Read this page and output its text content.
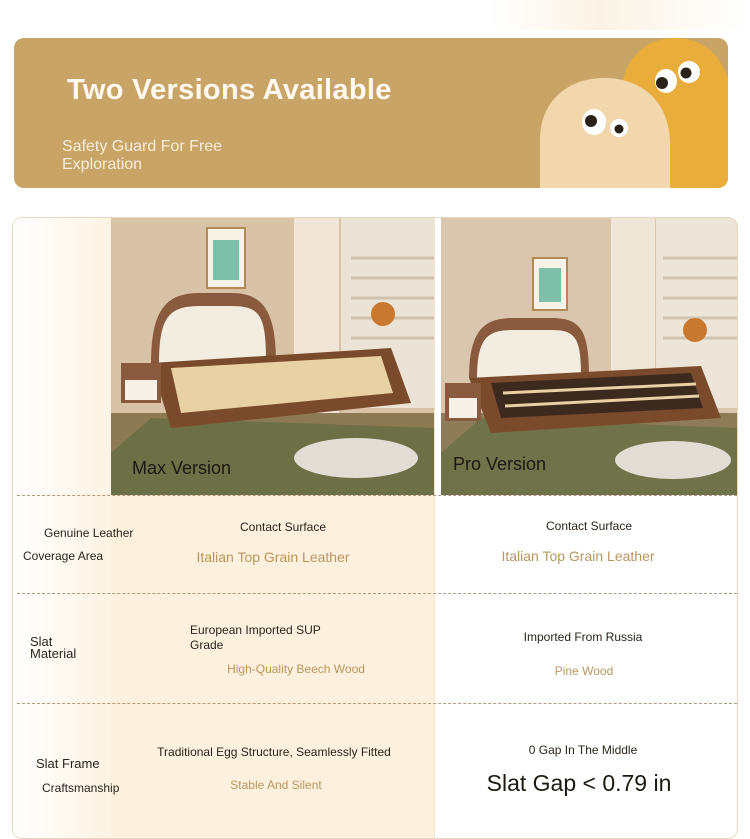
Two Versions Available
Safety Guard For Free Exploration
Max Version	Pro Version
Genuine Leather
Coverage Area
Contact Surface
Italian Top Grain Leather
Contact Surface
Italian Top Grain Leather
Slat
Material
European Imported SUP
Grade
High-Quality Beech Wood
Imported From Russia
Pine Wood
Slat Frame
Craftsmanship
Traditional Egg Structure, Seamlessly Fitted
Stable And Silent
0 Gap In The Middle
Slat Gap < 0.79 in
